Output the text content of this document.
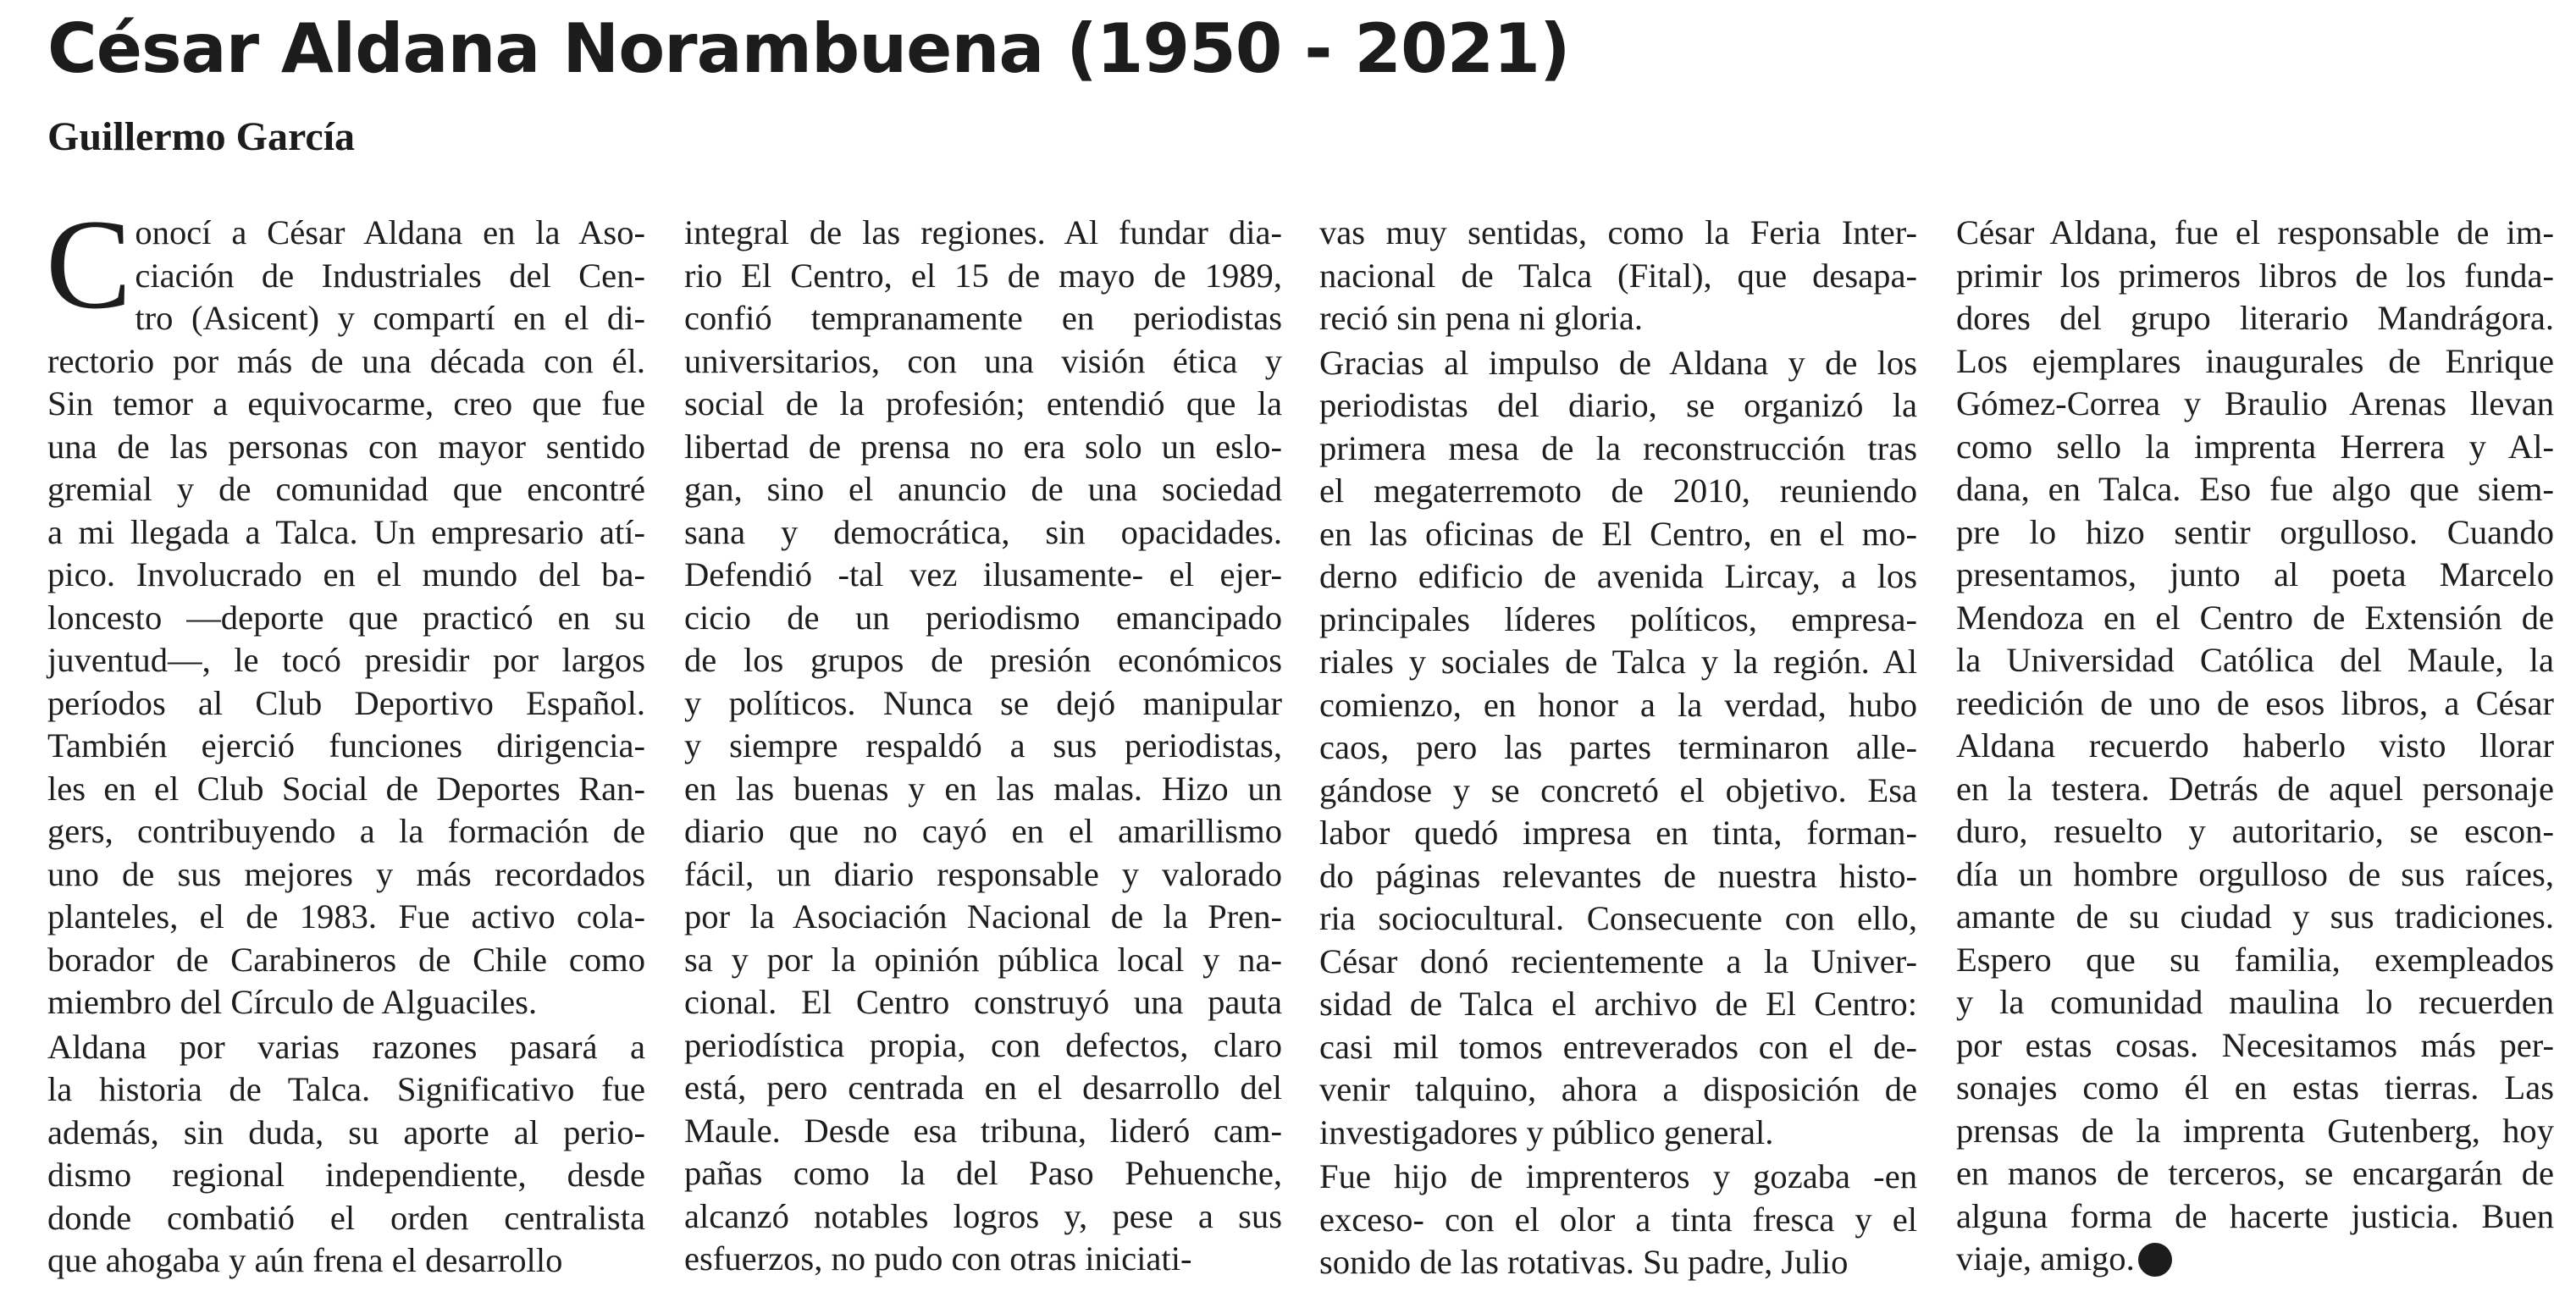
César Aldana Norambuena (1950 - 2021)
Guillermo García

C onocí a César Aldana en la Aso-
ciación de Industriales del Cen-
tro (Asicent) y compartí en el di-
rectorio por más de una década con él.
Sin temor a equivocarme, creo que fue
una de las personas con mayor sentido
gremial y de comunidad que encontré
a mi llegada a Talca. Un empresario atí-
pico. Involucrado en el mundo del ba-
loncesto —deporte que practicó en su
juventud—, le tocó presidir por largos
períodos al Club Deportivo Español.
También ejerció funciones dirigencia-
les en el Club Social de Deportes Ran-
gers, contribuyendo a la formación de
uno de sus mejores y más recordados
planteles, el de 1983. Fue activo cola-
borador de Carabineros de Chile como
miembro del Círculo de Alguaciles.

Aldana por varias razones pasará a
la historia de Talca. Significativo fue
además, sin duda, su aporte al perio-
dismo regional independiente, desde
donde combatió el orden centralista
que ahogaba y aún frena el desarrollo

integral de las regiones. Al fundar dia-
rio El Centro, el 15 de mayo de 1989,
confió tempranamente en periodistas
universitarios, con una visión ética y
social de la profesión; entendió que la
libertad de prensa no era solo un eslo-
gan, sino el anuncio de una sociedad
sana y democrática, sin opacidades.
Defendió -tal vez ilusamente- el ejer-
cicio de un periodismo emancipado
de los grupos de presión económicos
y políticos. Nunca se dejó manipular
y siempre respaldó a sus periodistas,
en las buenas y en las malas. Hizo un
diario que no cayó en el amarillismo
fácil, un diario responsable y valorado
por la Asociación Nacional de la Pren-
sa y por la opinión pública local y na-
cional. El Centro construyó una pauta
periodística propia, con defectos, claro
está, pero centrada en el desarrollo del
Maule. Desde esa tribuna, lideró cam-
pañas como la del Paso Pehuenche,
alcanzó notables logros y, pese a sus
esfuerzos, no pudo con otras iniciati-

vas muy sentidas, como la Feria Inter-
nacional de Talca (Fital), que desapa-
reció sin pena ni gloria.

Gracias al impulso de Aldana y de los
periodistas del diario, se organizó la
primera mesa de la reconstrucción tras
el megaterremoto de 2010, reuniendo
en las oficinas de El Centro, en el mo-
derno edificio de avenida Lircay, a los
principales líderes políticos, empresa-
riales y sociales de Talca y la región. Al
comienzo, en honor a la verdad, hubo
caos, pero las partes terminaron alle-
gándose y se concretó el objetivo. Esa
labor quedó impresa en tinta, forman-
do páginas relevantes de nuestra histo-
ria sociocultural. Consecuente con ello,
César donó recientemente a la Univer-
sidad de Talca el archivo de El Centro:
casi mil tomos entreverados con el de-
venir talquino, ahora a disposición de
investigadores y público general.

Fue hijo de imprenteros y gozaba -en
exceso- con el olor a tinta fresca y el
sonido de las rotativas. Su padre, Julio

César Aldana, fue el responsable de im-
primir los primeros libros de los funda-
dores del grupo literario Mandrágora.
Los ejemplares inaugurales de Enrique
Gómez-Correa y Braulio Arenas llevan
como sello la imprenta Herrera y Al-
dana, en Talca. Eso fue algo que siem-
pre lo hizo sentir orgulloso. Cuando
presentamos, junto al poeta Marcelo
Mendoza en el Centro de Extensión de
la Universidad Católica del Maule, la
reedición de uno de esos libros, a César
Aldana recuerdo haberlo visto llorar
en la testera. Detrás de aquel personaje
duro, resuelto y autoritario, se escon-
día un hombre orgulloso de sus raíces,
amante de su ciudad y sus tradiciones.
Espero que su familia, exempleados
y la comunidad maulina lo recuerden
por estas cosas. Necesitamos más per-
sonajes como él en estas tierras. Las
prensas de la imprenta Gutenberg, hoy
en manos de terceros, se encargarán de
alguna forma de hacerte justicia. Buen
viaje, amigo.
